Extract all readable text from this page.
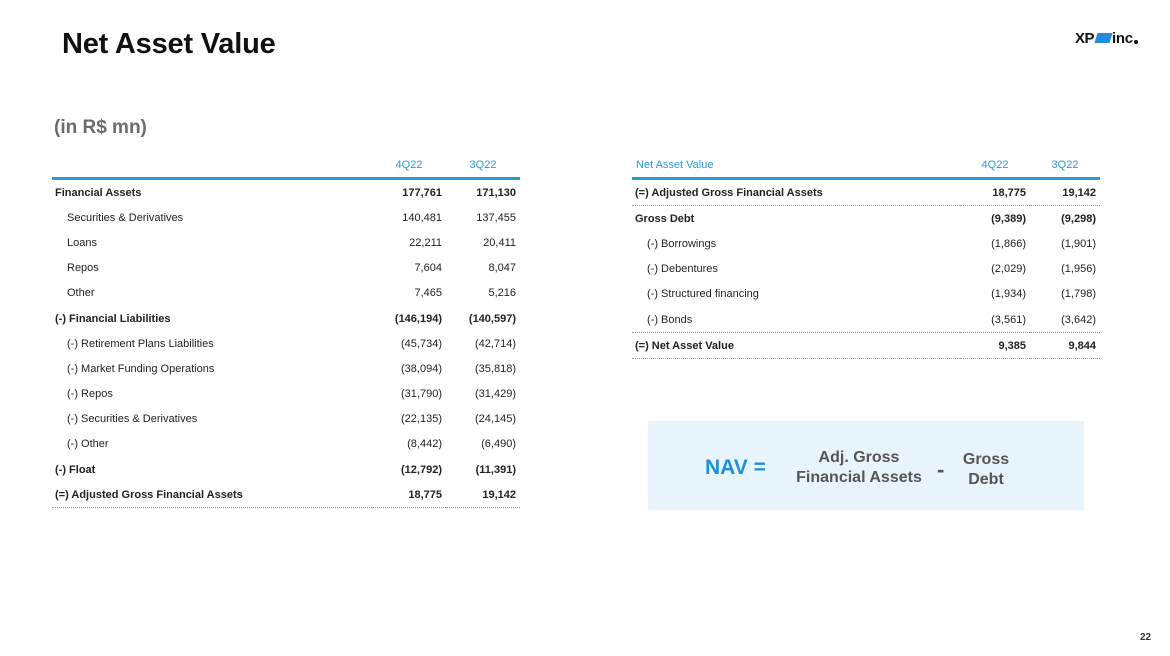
Net Asset Value	XP inc
(in R$ mn)
	4Q22	3Q22
Financial Assets	177,761	171,130
Securities & Derivatives	140,481	137,455
Loans	22,211	20,411
Repos	7,604	8,047
Other	7,465	5,216
(-) Financial Liabilities	(146,194)	(140,597)
(-) Retirement Plans Liabilities	(45,734)	(42,714)
(-) Market Funding Operations	(38,094)	(35,818)
(-) Repos	(31,790)	(31,429)
(-) Securities & Derivatives	(22,135)	(24,145)
(-) Other	(8,442)	(6,490)
(-) Float	(12,792)	(11,391)
(=) Adjusted Gross Financial Assets	18,775	19,142
Net Asset Value	4Q22	3Q22
(=) Adjusted Gross Financial Assets	18,775	19,142
Gross Debt	(9,389)	(9,298)
(-) Borrowings	(1,866)	(1,901)
(-) Debentures	(2,029)	(1,956)
(-) Structured financing	(1,934)	(1,798)
(-) Bonds	(3,561)	(3,642)
(=) Net Asset Value	9,385	9,844
NAV =	Adj. Gross
Financial Assets -	Gross
Debt
22
